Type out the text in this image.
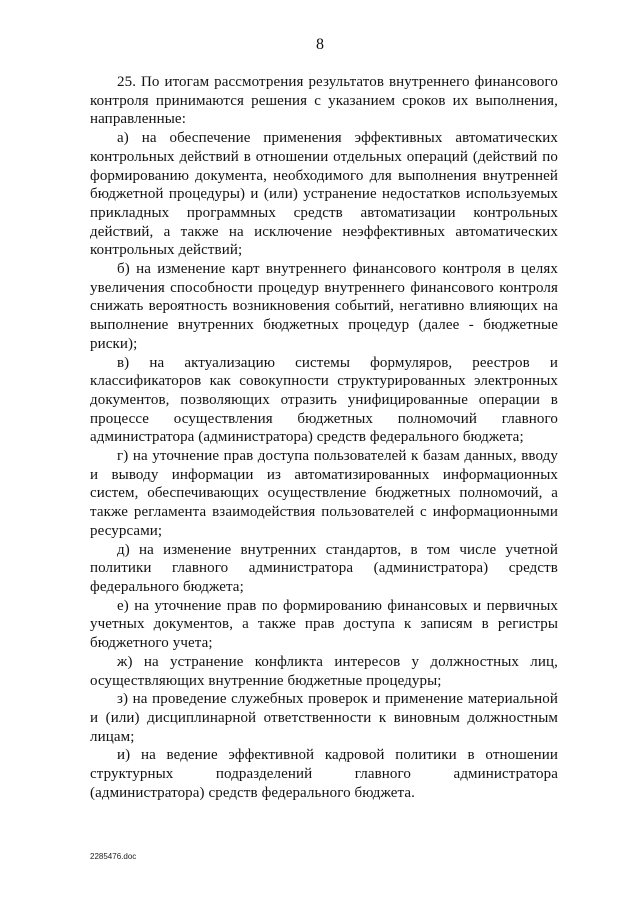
8

25. По итогам рассмотрения результатов внутреннего финансового контроля принимаются решения с указанием сроков их выполнения, направленные:

а) на обеспечение применения эффективных автоматических контрольных действий в отношении отдельных операций (действий по формированию документа, необходимого для выполнения внутренней бюджетной процедуры) и (или) устранение недостатков используемых прикладных программных средств автоматизации контрольных действий, а также на исключение неэффективных автоматических контрольных действий;

б) на изменение карт внутреннего финансового контроля в целях увеличения способности процедур внутреннего финансового контроля снижать вероятность возникновения событий, негативно влияющих на выполнение внутренних бюджетных процедур (далее - бюджетные риски);

в) на актуализацию системы формуляров, реестров и классификаторов как совокупности структурированных электронных документов, позволяющих отразить унифицированные операции в процессе осуществления бюджетных полномочий главного администратора (администратора) средств федерального бюджета;

г) на уточнение прав доступа пользователей к базам данных, вводу и выводу информации из автоматизированных информационных систем, обеспечивающих осуществление бюджетных полномочий, а также регламента взаимодействия пользователей с информационными ресурсами;

д) на изменение внутренних стандартов, в том числе учетной политики главного администратора (администратора) средств федерального бюджета;

е) на уточнение прав по формированию финансовых и первичных учетных документов, а также прав доступа к записям в регистры бюджетного учета;

ж) на устранение конфликта интересов у должностных лиц, осуществляющих внутренние бюджетные процедуры;

з) на проведение служебных проверок и применение материальной и (или) дисциплинарной ответственности к виновным должностным лицам;

и) на ведение эффективной кадровой политики в отношении структурных подразделений главного администратора (администратора) средств федерального бюджета.

2285476.doc
